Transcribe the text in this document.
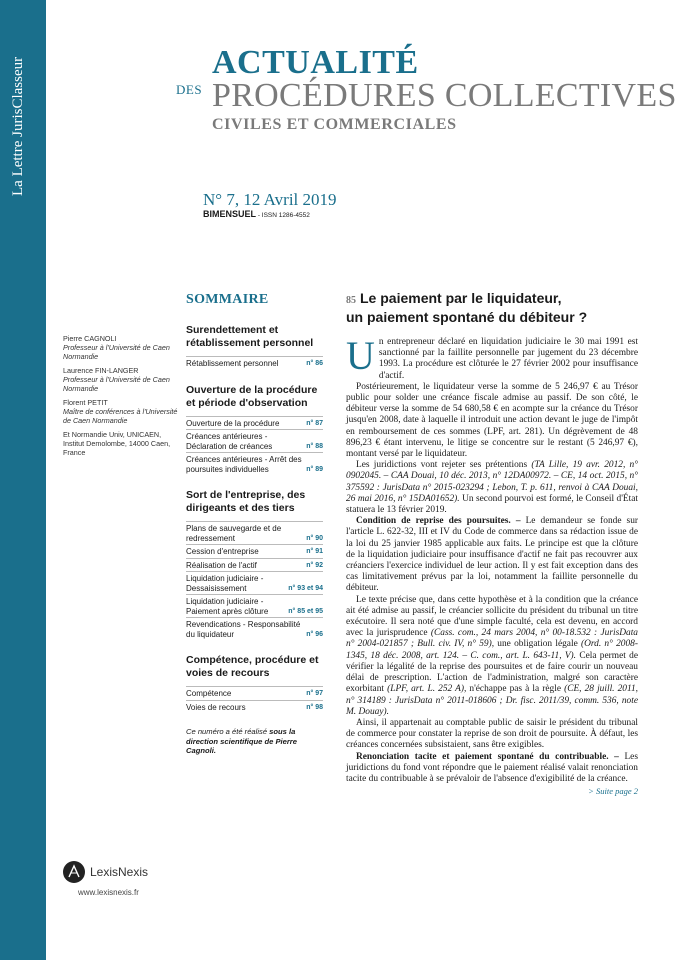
La Lettre JurisClasseur	ACTUALITÉ
DES PROCÉDURES COLLECTIVES
CIVILES ET COMMERCIALES
N° 7, 12 Avril 2019
BIMENSUEL - ISSN 1286-4552
Pierre CAGNOLI
Professeur à l'Université de Caen Normandie
Laurence FIN-LANGER
Professeur à l'Université de Caen Normandie
Florent PETIT
Maître de conférences à l'Université de Caen Normandie
Et Normandie Univ, UNICAEN, Institut Demolombe, 14000 Caen, France
SOMMAIRE
Surendettement et rétablissement personnel
Rétablissement personnel	n° 86
Ouverture de la procédure et période d'observation
Ouverture de la procédure	n° 87
Créances antérieures - Déclaration de créances	n° 88
Créances antérieures - Arrêt des poursuites individuelles	n° 89
Sort de l'entreprise, des dirigeants et des tiers
Plans de sauvegarde et de redressement	n° 90
Cession d'entreprise	n° 91
Réalisation de l'actif	n° 92
Liquidation judiciaire - Dessaisissement	n° 93 et 94
Liquidation judiciaire - Paiement après clôture	n° 85 et 95
Revendications - Responsabilité du liquidateur	n° 96
Compétence, procédure et voies de recours
Compétence	n° 97
Voies de recours	n° 98
Ce numéro a été réalisé sous la direction scientifique de Pierre Cagnoli.
85 Le paiement par le liquidateur,
un paiement spontané du débiteur ?

Un entrepreneur déclaré en liquidation judiciaire le 30 mai 1991 est sanctionné par la faillite personnelle par jugement du 23 décembre 1993. La procédure est clôturée le 27 février 2002 pour insuffisance d'actif.

Postérieurement, le liquidateur verse la somme de 5 246,97 € au Trésor public pour solder une créance fiscale admise au passif. De son côté, le débiteur verse la somme de 54 680,58 € en acompte sur la créance du Trésor jusqu'en 2008, date à laquelle il introduit une action devant le juge de l'impôt en remboursement de ces sommes (LPF, art. 281). Un dégrèvement de 48 896,23 € étant intervenu, le litige se concentre sur le restant (5 246,97 €), montant versé par le liquidateur.

Les juridictions vont rejeter ses prétentions (TA Lille, 19 avr. 2012, n° 0902045. – CAA Douai, 10 déc. 2013, n° 12DA00972. – CE, 14 oct. 2015, n° 375592 : JurisData n° 2015-023294 ; Lebon, T. p. 611, renvoi à CAA Douai, 26 mai 2016, n° 15DA01652). Un second pourvoi est formé, le Conseil d'État statuera le 13 février 2019.

Condition de reprise des poursuites. – Le demandeur se fonde sur l'article L. 622-32, III et IV du Code de commerce dans sa rédaction issue de la loi du 25 janvier 1985 applicable aux faits. Le principe est que la clôture de la liquidation judiciaire pour insuffisance d'actif ne fait pas recouvrer aux créanciers l'exercice individuel de leur action. Il y est fait exception dans des cas limitativement prévus par la loi, notamment la faillite personnelle du débiteur.

Le texte précise que, dans cette hypothèse et à la condition que la créance ait été admise au passif, le créancier sollicite du président du tribunal un titre exécutoire. Il sera noté que d'une simple faculté, cela est devenu, en accord avec la jurisprudence (Cass. com., 24 mars 2004, n° 00-18.532 : JurisData n° 2004-021857 ; Bull. civ. IV, n° 59), une obligation légale (Ord. n° 2008-1345, 18 déc. 2008, art. 124. – C. com., art. L. 643-11, V). Cela permet de vérifier la légalité de la reprise des poursuites et de faire courir un nouveau délai de prescription. L'action de l'administration, malgré son caractère exorbitant (LPF, art. L. 252 A), n'échappe pas à la règle (CE, 28 juill. 2011, n° 314189 : JurisData n° 2011-018606 ; Dr. fisc. 2011/39, comm. 536, note M. Douay).

Ainsi, il appartenait au comptable public de saisir le président du tribunal de commerce pour constater la reprise de son droit de poursuite. À défaut, les créances concernées subsistaient, sans être exigibles.

Renonciation tacite et paiement spontané du contribuable. – Les juridictions du fond vont répondre que le paiement réalisé valait renonciation tacite du contribuable à se prévaloir de l'absence d'exigibilité de la créance.

> Suite page 2
LexisNexis
www.lexisnexis.fr
